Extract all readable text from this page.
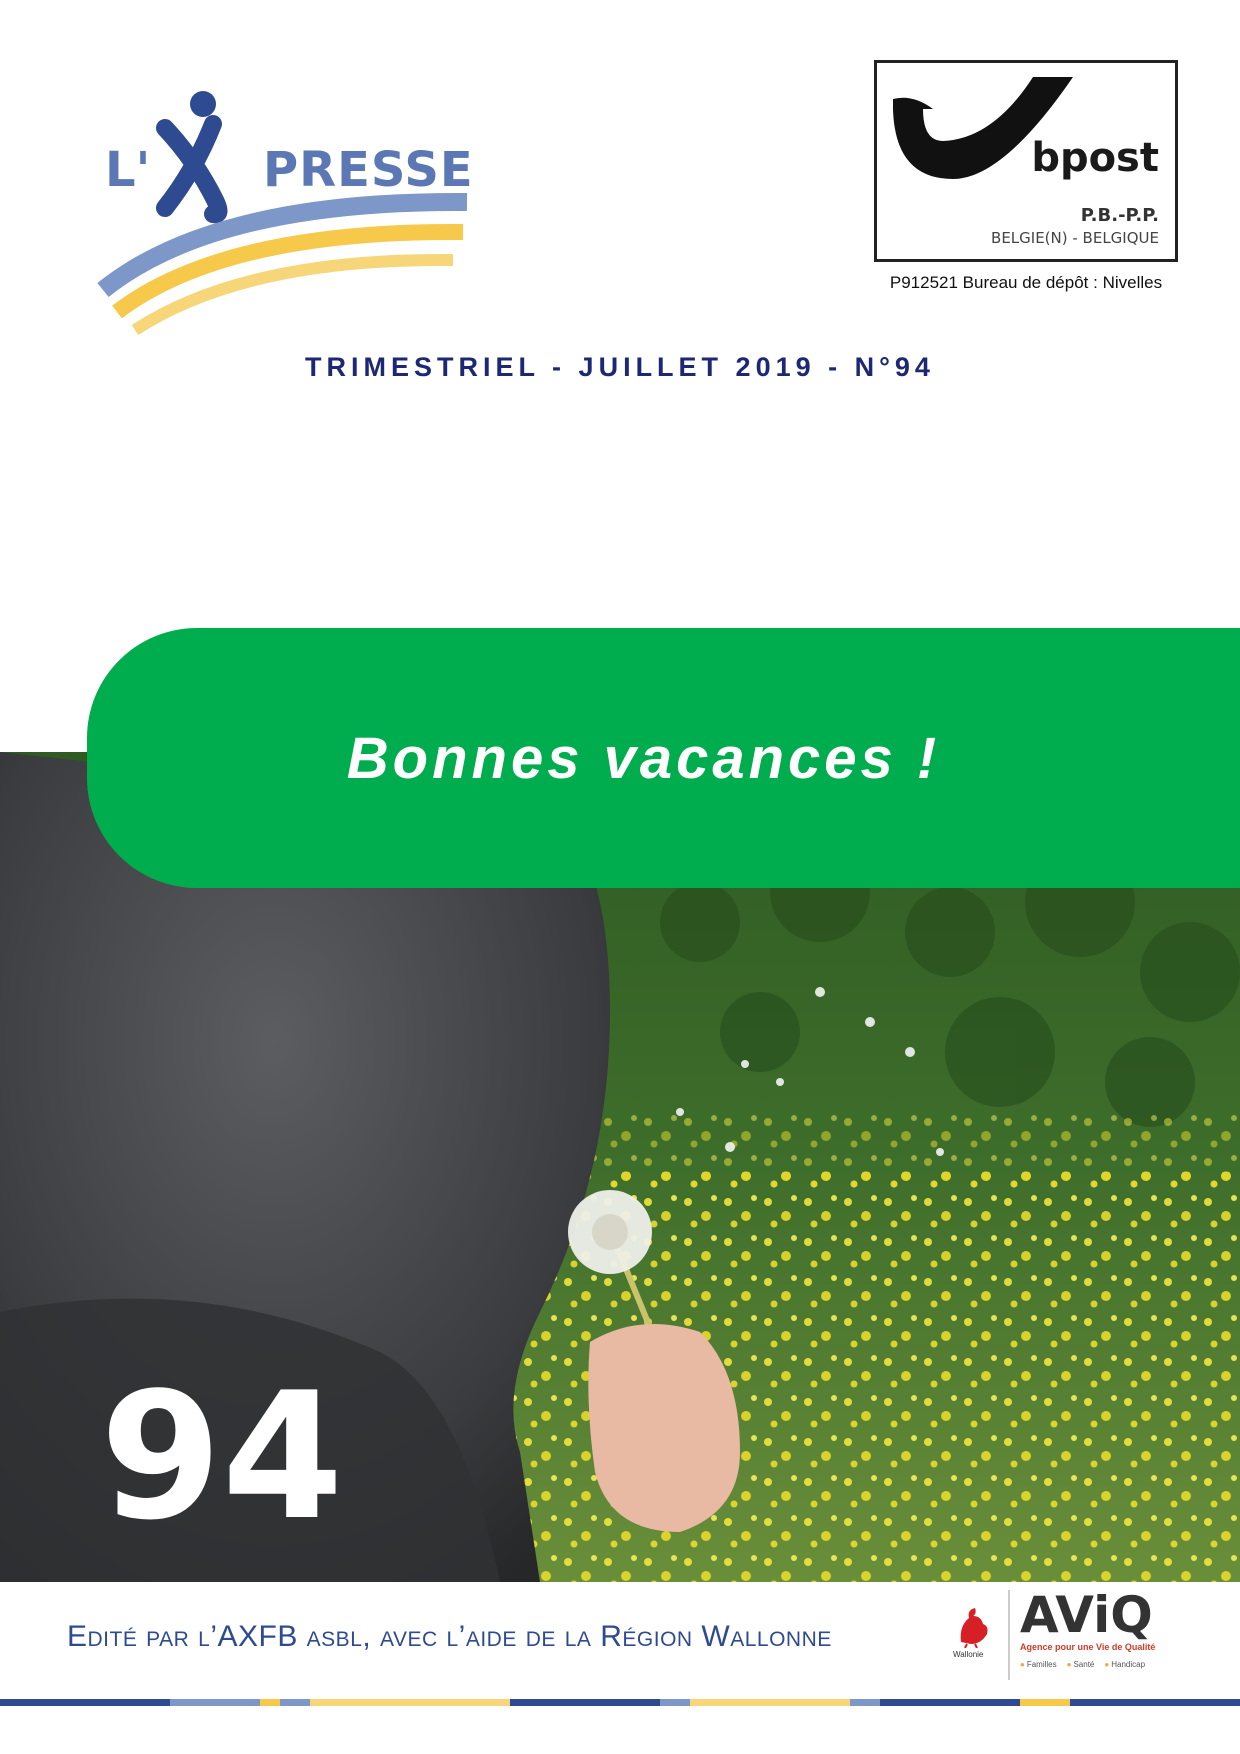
L' PRESSE	bpost
P.B.-P.P.
BELGIE(N) - BELGIQUE
P912521 Bureau de dépôt : Nivelles
TRIMESTRIEL - JUILLET 2019 - N°94
Bonnes vacances !
94
Edité par l’AXFB asbl, avec l’aide de la Région Wallonne
Wallonie
AViQ
Agence pour une Vie de Qualité
● Familles	● Santé	● Handicap
